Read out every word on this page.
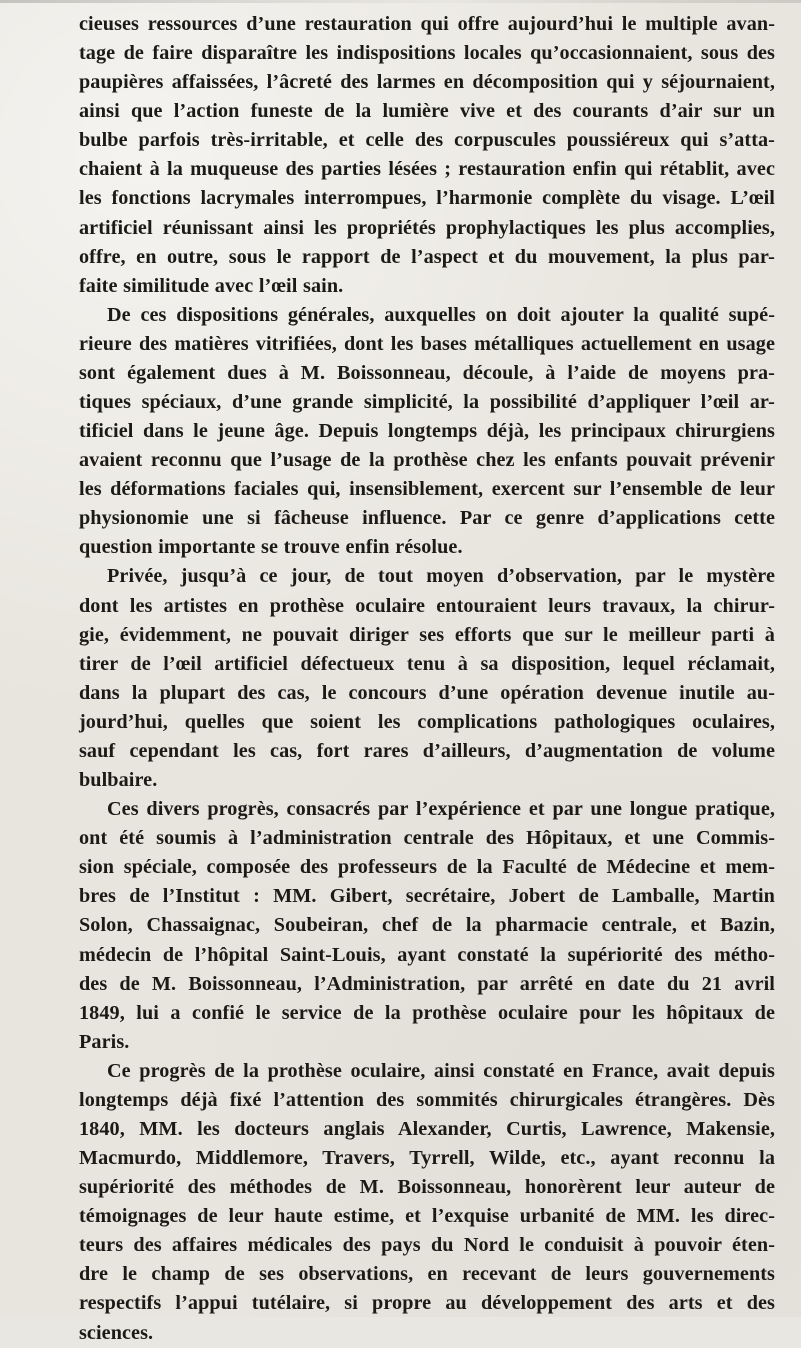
cieuses ressources d’une restauration qui offre aujourd’hui le multiple avan-
tage de faire disparaître les indispositions locales qu’occasionnaient, sous des
paupières affaissées, l’âcreté des larmes en décomposition qui y séjournaient,
ainsi que l’action funeste de la lumière vive et des courants d’air sur un
bulbe parfois très-irritable, et celle des corpuscules poussiéreux qui s’atta-
chaient à la muqueuse des parties lésées ; restauration enfin qui rétablit, avec
les fonctions lacrymales interrompues, l’harmonie complète du visage. L’œil
artificiel réunissant ainsi les propriétés prophylactiques les plus accomplies,
offre, en outre, sous le rapport de l’aspect et du mouvement, la plus par-
faite similitude avec l’œil sain.
De ces dispositions générales, auxquelles on doit ajouter la qualité supé-
rieure des matières vitrifiées, dont les bases métalliques actuellement en usage
sont également dues à M. Boissonneau, découle, à l’aide de moyens pra-
tiques spéciaux, d’une grande simplicité, la possibilité d’appliquer l’œil ar-
tificiel dans le jeune âge. Depuis longtemps déjà, les principaux chirurgiens
avaient reconnu que l’usage de la prothèse chez les enfants pouvait prévenir
les déformations faciales qui, insensiblement, exercent sur l’ensemble de leur
physionomie une si fâcheuse influence. Par ce genre d’applications cette
question importante se trouve enfin résolue.
Privée, jusqu’à ce jour, de tout moyen d’observation, par le mystère
dont les artistes en prothèse oculaire entouraient leurs travaux, la chirur-
gie, évidemment, ne pouvait diriger ses efforts que sur le meilleur parti à
tirer de l’œil artificiel défectueux tenu à sa disposition, lequel réclamait,
dans la plupart des cas, le concours d’une opération devenue inutile au-
jourd’hui, quelles que soient les complications pathologiques oculaires,
sauf cependant les cas, fort rares d’ailleurs, d’augmentation de volume
bulbaire.
Ces divers progrès, consacrés par l’expérience et par une longue pratique,
ont été soumis à l’administration centrale des Hôpitaux, et une Commis-
sion spéciale, composée des professeurs de la Faculté de Médecine et mem-
bres de l’Institut : MM. Gibert, secrétaire, Jobert de Lamballe, Martin
Solon, Chassaignac, Soubeiran, chef de la pharmacie centrale, et Bazin,
médecin de l’hôpital Saint-Louis, ayant constaté la supériorité des métho-
des de M. Boissonneau, l’Administration, par arrêté en date du 21 avril
1849, lui a confié le service de la prothèse oculaire pour les hôpitaux de
Paris.
Ce progrès de la prothèse oculaire, ainsi constaté en France, avait depuis
longtemps déjà fixé l’attention des sommités chirurgicales étrangères. Dès
1840, MM. les docteurs anglais Alexander, Curtis, Lawrence, Makensie,
Macmurdo, Middlemore, Travers, Tyrrell, Wilde, etc., ayant reconnu la
supériorité des méthodes de M. Boissonneau, honorèrent leur auteur de
témoignages de leur haute estime, et l’exquise urbanité de MM. les direc-
teurs des affaires médicales des pays du Nord le conduisit à pouvoir éten-
dre le champ de ses observations, en recevant de leurs gouvernements
respectifs l’appui tutélaire, si propre au développement des arts et des
sciences.
